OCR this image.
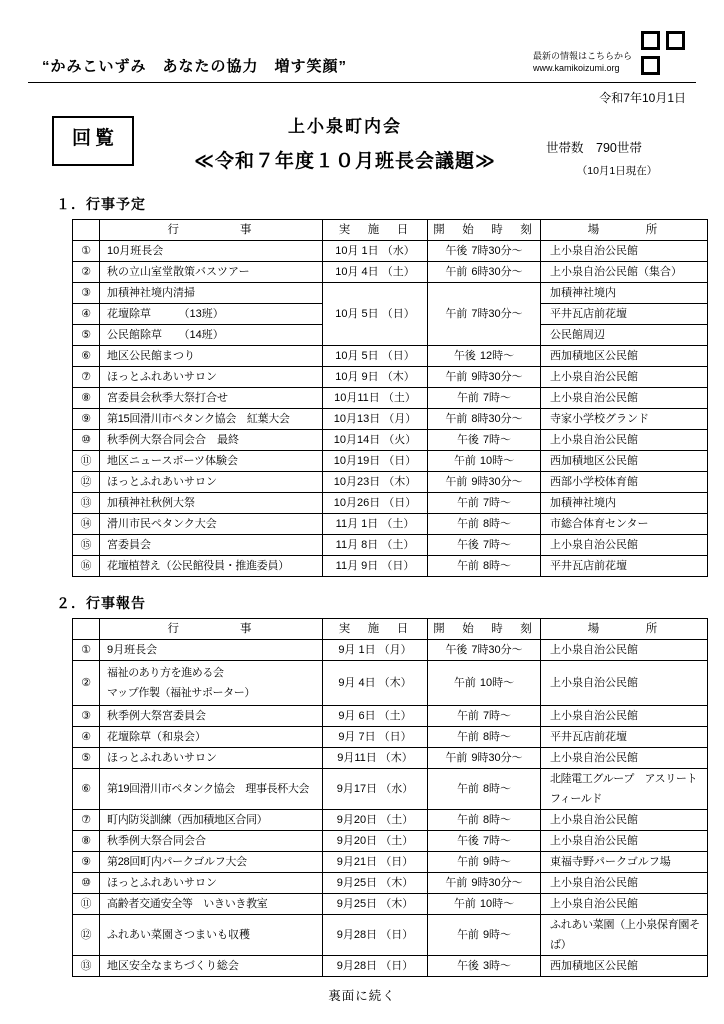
“かみこいずみ　あなたの協力　増す笑顔”
最新の情報はこちらから
www.kamikoizumi.org
令和7年10月1日
回覧
上小泉町内会
≪令和７年度１０月班長会議題≫
世帯数　790世帯
（10月1日現在）
１．行事予定
	行　　　　事	実　施　日	開　始　時　刻	場　　　所
①	10月班長会	10月 1日 （水）	午後 7時30分～	上小泉自治公民館
②	秋の立山室堂散策バスツアー	10月 4日 （土）	午前 6時30分～	上小泉自治公民館（集合）
③	加積神社境内清掃	10月 5日 （日）	午前 7時30分～	加積神社境内
④	花壇除草　　　（13班）			平井瓦店前花壇
⑤	公民館除草　　（14班）			公民館周辺
⑥	地区公民館まつり	10月 5日 （日）	午後 12時～	西加積地区公民館
⑦	ほっとふれあいサロン	10月 9日 （木）	午前 9時30分～	上小泉自治公民館
⑧	宮委員会秋季大祭打合せ	10月11日 （土）	午前 7時～	上小泉自治公民館
⑨	第15回滑川市ペタンク協会　紅葉大会	10月13日 （月）	午前 8時30分～	寺家小学校グランド
⑩	秋季例大祭合同会合　最終	10月14日 （火）	午後 7時～	上小泉自治公民館
⑪	地区ニュースポーツ体験会	10月19日 （日）	午前 10時～	西加積地区公民館
⑫	ほっとふれあいサロン	10月23日 （木）	午前 9時30分～	西部小学校体育館
⑬	加積神社秋例大祭	10月26日 （日）	午前 7時～	加積神社境内
⑭	滑川市民ペタンク大会	11月 1日 （土）	午前 8時～	市総合体育センター
⑮	宮委員会	11月 8日 （土）	午後 7時～	上小泉自治公民館
⑯	花壇植替え（公民館役員・推進委員）	11月 9日 （日）	午前 8時～	平井瓦店前花壇
２．行事報告
	行　　　　事	実　施　日	開　始　時　刻	場　　　所
①	9月班長会	9月 1日 （月）	午後 7時30分～	上小泉自治公民館
②	福祉のあり方を進める会
マップ作製（福祉サポーター）	9月 4日 （木）	午前 10時～	上小泉自治公民館
③	秋季例大祭宮委員会	9月 6日 （土）	午前 7時～	上小泉自治公民館
④	花壇除草（和泉会）	9月 7日 （日）	午前 8時～	平井瓦店前花壇
⑤	ほっとふれあいサロン	9月11日 （木）	午前 9時30分～	上小泉自治公民館
⑥	第19回滑川市ペタンク協会　理事長杯大会	9月17日 （水）	午前 8時～	北陸電工グループ　アスリートフィールド
⑦	町内防災訓練（西加積地区合同）	9月20日 （土）	午前 8時～	上小泉自治公民館
⑧	秋季例大祭合同会合	9月20日 （土）	午後 7時～	上小泉自治公民館
⑨	第28回町内パークゴルフ大会	9月21日 （日）	午前 9時～	東福寺野パークゴルフ場
⑩	ほっとふれあいサロン	9月25日 （木）	午前 9時30分～	上小泉自治公民館
⑪	高齢者交通安全等　いきいき教室	9月25日 （木）	午前 10時～	上小泉自治公民館
⑫	ふれあい菜園さつまいも収穫	9月28日 （日）	午前 9時～	ふれあい菜園（上小泉保育園そば）
⑬	地区安全なまちづくり総会	9月28日 （日）	午後 3時～	西加積地区公民館
裏面に続く
